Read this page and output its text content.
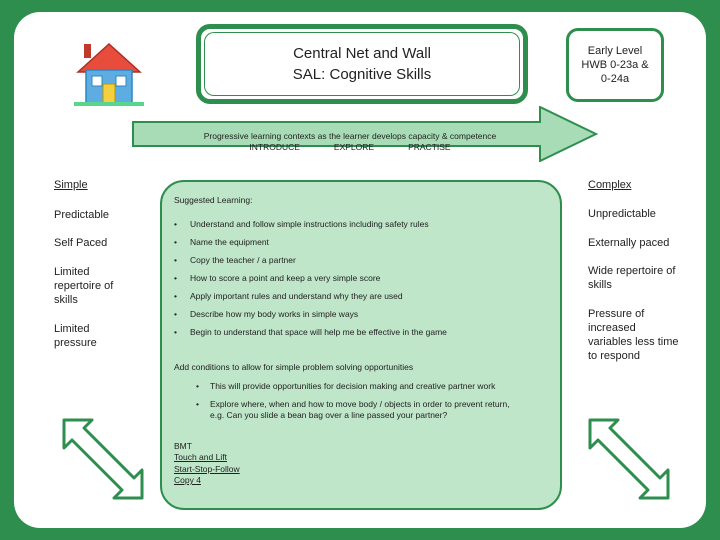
Central Net and Wall
SAL: Cognitive Skills
Early Level
HWB 0-23a &
0-24a
Progressive learning contexts as the learner develops capacity & competence
INTRODUCE	EXPLORE	PRACTISE
Simple
Predictable
Self Paced
Limited repertoire of skills
Limited pressure
Complex
Unpredictable
Externally paced
Wide repertoire of skills
Pressure of increased variables less time to respond
Suggested Learning:
•	Understand and follow simple instructions including safety rules
•	Name the equipment
•	Copy the teacher / a partner
•	How to score a point and keep a very simple score
•	Apply important rules and understand why they are used
•	Describe how my body works in simple ways
•	Begin to understand that space will help me be effective in the game
Add conditions to allow for simple problem solving opportunities
•	This will provide opportunities for decision making and creative partner work
•	Explore where, when and how to move body / objects in order to prevent return, e.g. Can you slide a bean bag over a line passed your partner?
BMT
Touch and Lift
Start-Stop-Follow
Copy 4
